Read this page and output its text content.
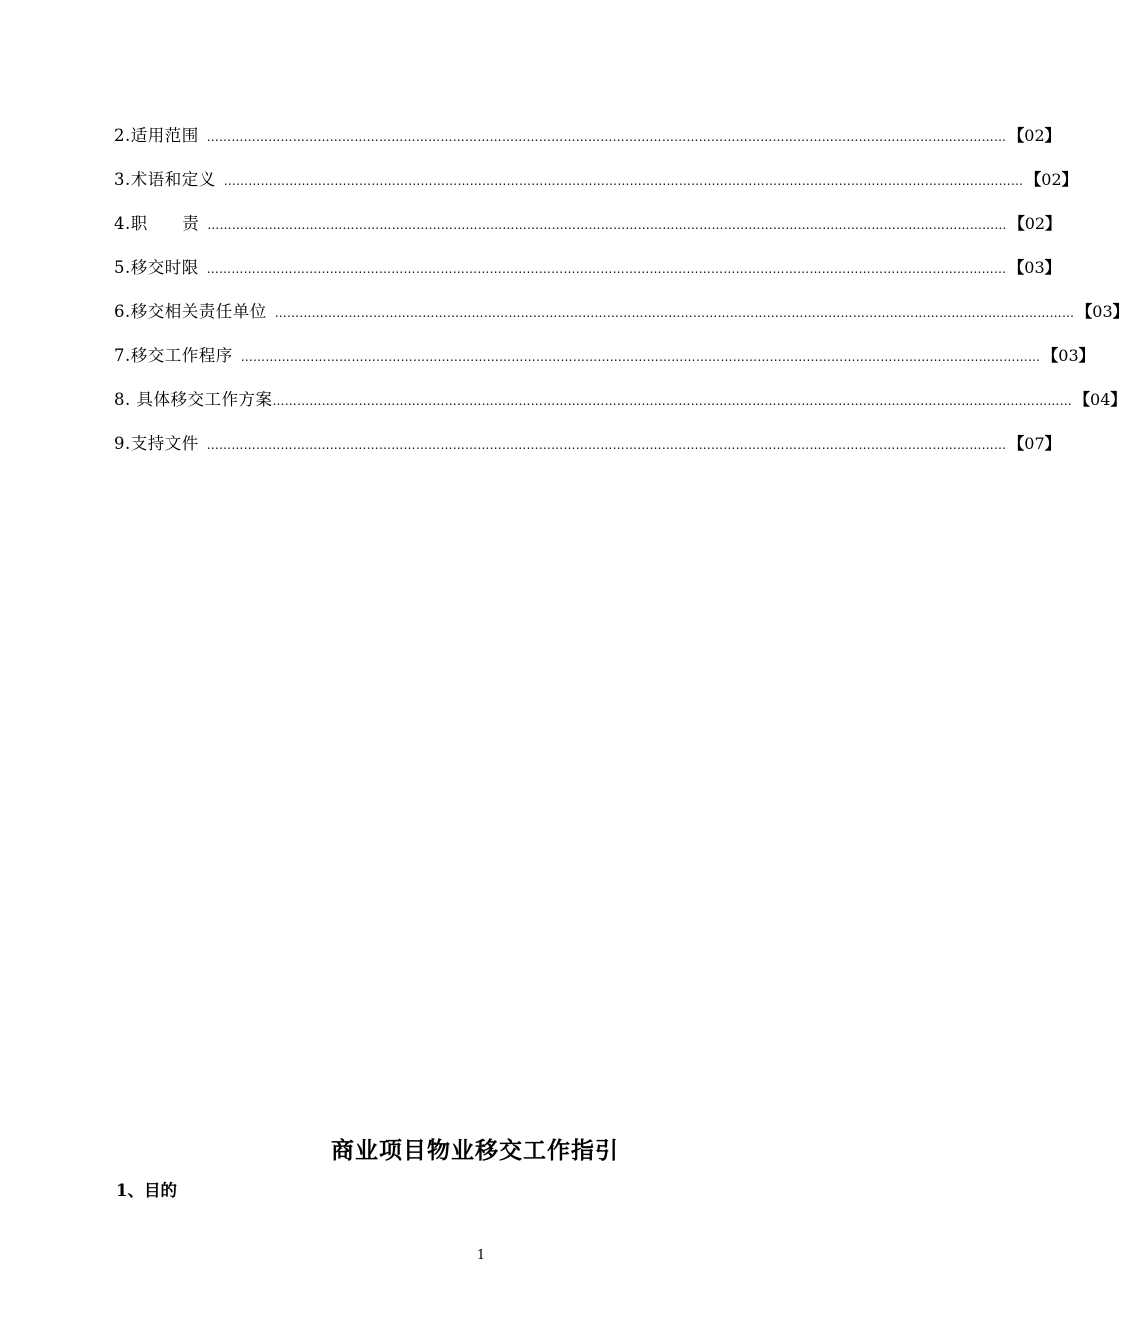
2.适用范围 …………………………………………………………………………………………………………………………………………………………………………… 【02】
3.术语和定义 …………………………………………………………………………………………………………………………………………………………………………… 【02】
4.职      责 …………………………………………………………………………………………………………………………………………………………………………… 【02】
5.移交时限 …………………………………………………………………………………………………………………………………………………………………………… 【03】
6.移交相关责任单位 …………………………………………………………………………………………………………………………………………………………………………… 【03】
7.移交工作程序 …………………………………………………………………………………………………………………………………………………………………………… 【03】
8. 具体移交工作方案 …………………………………………………………………………………………………………………………………………………………………………… 【04】
9.支持文件 …………………………………………………………………………………………………………………………………………………………………………… 【07】
商业项目物业移交工作指引
1、目的
1
